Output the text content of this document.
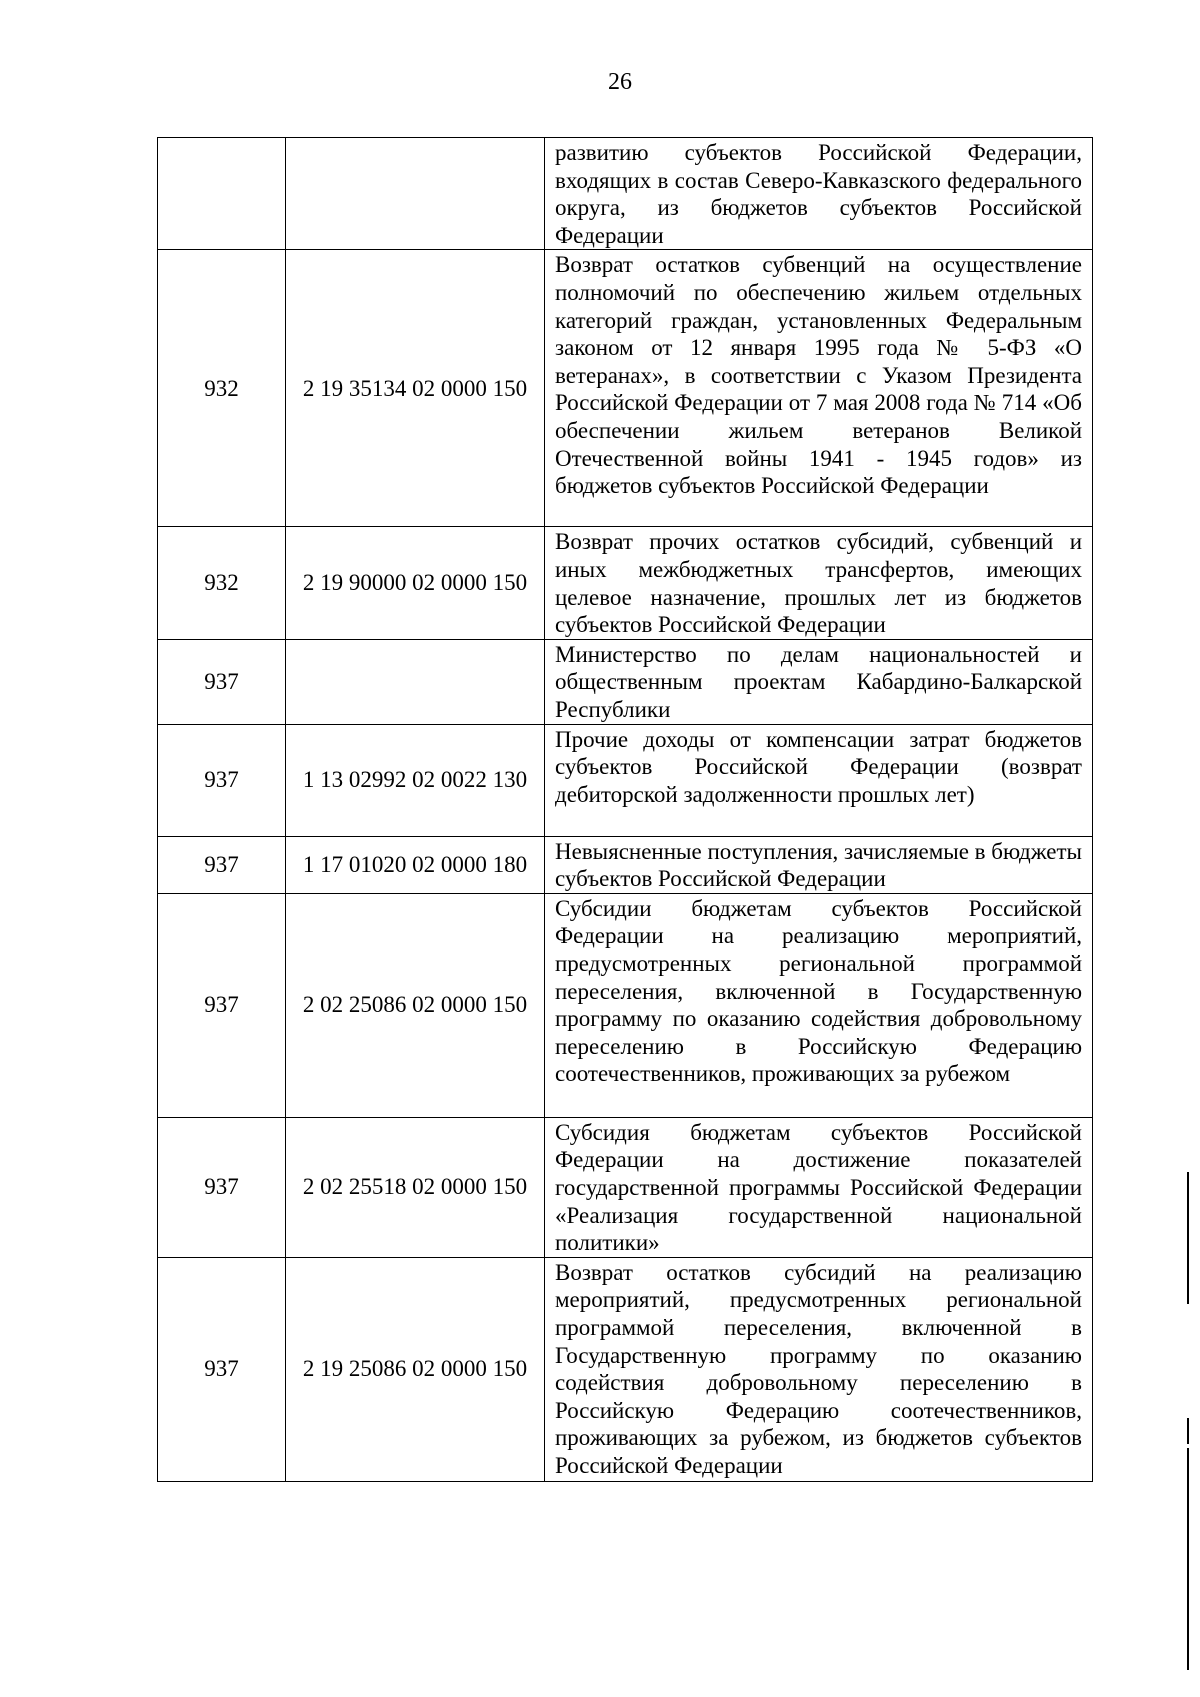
26

		развитию субъектов Российской Федерации, входящих в состав Северо-Кавказского федерального округа, из бюджетов субъектов Российской Федерации

932	2 19 35134 02 0000 150	Возврат остатков субвенций на осуществление полномочий по обеспечению жильем отдельных категорий граждан, установленных Федеральным законом от 12 января 1995 года № 5-ФЗ «О ветеранах», в соответствии с Указом Президента Российской Федерации от 7 мая 2008 года № 714 «Об обеспечении жильем ветеранов Великой Отечественной войны 1941 - 1945 годов» из бюджетов субъектов Российской Федерации

932	2 19 90000 02 0000 150	Возврат прочих остатков субсидий, субвенций и иных межбюджетных трансфертов, имеющих целевое назначение, прошлых лет из бюджетов субъектов Российской Федерации

937		Министерство по делам национальностей и общественным проектам Кабардино-Балкарской Республики

937	1 13 02992 02 0022 130	Прочие доходы от компенсации затрат бюджетов субъектов Российской Федерации (возврат дебиторской задолженности прошлых лет)

937	1 17 01020 02 0000 180	Невыясненные поступления, зачисляемые в бюджеты субъектов Российской Федерации

937	2 02 25086 02 0000 150	Субсидии бюджетам субъектов Российской Федерации на реализацию мероприятий, предусмотренных региональной программой переселения, включенной в Государственную программу по оказанию содействия добровольному переселению в Российскую Федерацию соотечественников, проживающих за рубежом

937	2 02 25518 02 0000 150	Субсидия бюджетам субъектов Российской Федерации на достижение показателей государственной программы Российской Федерации «Реализация государственной национальной политики»

937	2 19 25086 02 0000 150	Возврат остатков субсидий на реализацию мероприятий, предусмотренных региональной программой переселения, включенной в Государственную программу по оказанию содействия добровольному переселению в Российскую Федерацию соотечественников, проживающих за рубежом, из бюджетов субъектов Российской Федерации
